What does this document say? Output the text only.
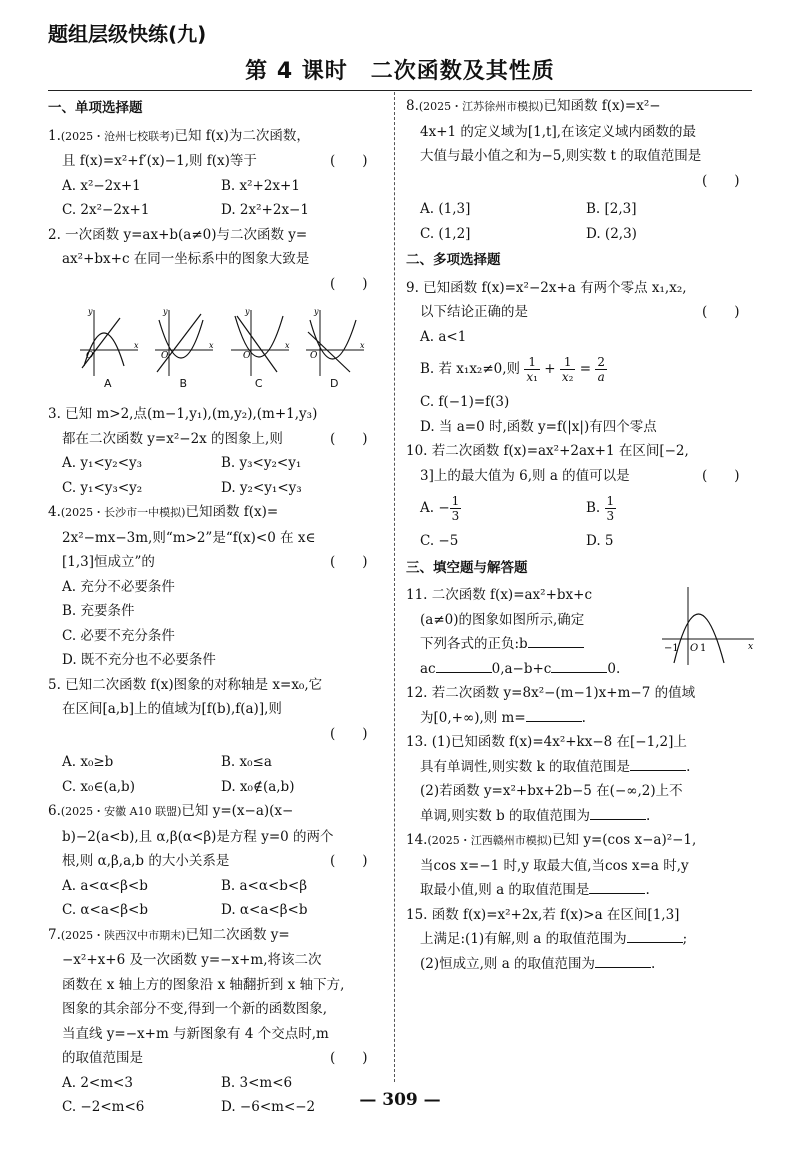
题组层级快练(九)
第 4 课时　二次函数及其性质
一、单项选择题

1.(2025・沧州七校联考)已知 f(x)为二次函数，

且 f(x)=x²+f′(x)−1,则 f(x)等于	(　　)

A. x²−2x+1	B. x²+2x+1
C. 2x²−2x+1	D. 2x²+2x−1

2. 一次函数 y=ax+b(a≠0)与二次函数 y=

ax²+bx+c 在同一坐标系中的图象大致是

(　　)

O
x
y
A
O
x
y
B
O
x
y
C
O
x
y
D

3. 已知 m>2,点(m−1,y₁),(m,y₂),(m+1,y₃)

都在二次函数 y=x²−2x 的图象上,则	(　　)

A. y₁<y₂<y₃	B. y₃<y₂<y₁
C. y₁<y₃<y₂	D. y₂<y₁<y₃

4.(2025・长沙市一中模拟)已知函数 f(x)=

2x²−mx−3m,则“m>2”是“f(x)<0 在 x∈

[1,3]恒成立”的	(　　)

A. 充分不必要条件
B. 充要条件
C. 必要不充分条件
D. 既不充分也不必要条件

5. 已知二次函数 f(x)图象的对称轴是 x=x₀,它

在区间[a,b]上的值域为[f(b),f(a)],则

(　　)

A. x₀≥b	B. x₀≤a
C. x₀∈(a,b)	D. x₀∉(a,b)

6.(2025・安徽 A10 联盟)已知 y=(x−a)(x−

b)−2(a<b),且 α,β(α<β)是方程 y=0 的两个

根,则 α,β,a,b 的大小关系是	(　　)

A. a<α<β<b	B. a<α<b<β
C. α<a<β<b	D. α<a<β<b

7.(2025・陕西汉中市期末)已知二次函数 y=

−x²+x+6 及一次函数 y=−x+m,将该二次

函数在 x 轴上方的图象沿 x 轴翻折到 x 轴下方,

图象的其余部分不变,得到一个新的函数图象,

当直线 y=−x+m 与新图象有 4 个交点时,m

的取值范围是	(　　)

A. 2<m<3	B. 3<m<6
C. −2<m<6	D. −6<m<−2

8.(2025・江苏徐州市模拟)已知函数 f(x)=x²−

4x+1 的定义域为[1,t],在该定义域内函数的最

大值与最小值之和为−5,则实数 t 的取值范围是

(　　)

A. (1,3]	B. [2,3]
C. (1,2]	D. (2,3)
二、多项选择题

9. 已知函数 f(x)=x²−2x+a 有两个零点 x₁,x₂,

以下结论正确的是	(　　)

A. a<1
B. 若 x₁x₂≠0,则 $\frac{1}{\text{x₁}} + \frac{1}{\text{x₂}} = \frac{2}{a}$
C. f(−1)=f(3)
D. 当 a=0 时,函数 y=f(|x|)有四个零点

10. 若二次函数 f(x)=ax²+2ax+1 在区间[−2,

3]上的最大值为 6,则 a 的值可以是	(　　)

A. − $\frac{1}{3}$	B. $\frac{1}{3}$
C. −5	D. 5
三、填空题与解答题

11. 二次函数 f(x)=ax²+bx+c

(a≠0)的图象如图所示,确定

下列各式的正负:b

ac	0,a−b+c	0.

−1 O 1	x

12. 若二次函数 y=8x²−(m−1)x+m−7 的值域

为[0,+∞),则 m=	.

13. (1)已知函数 f(x)=4x²+kx−8 在[−1,2]上

具有单调性,则实数 k 的取值范围是	.

(2)若函数 y=x²+bx+2b−5 在(−∞,2)上不

单调,则实数 b 的取值范围为	.

14.(2025・江西赣州市模拟)已知 y=(cos x−a)²−1,

当cos x=−1 时,y 取最大值,当cos x=a 时,y

取最小值,则 a 的取值范围是	.

15. 函数 f(x)=x²+2x,若 f(x)>a 在区间[1,3]

上满足:(1)有解,则 a 的取值范围为	;

(2)恒成立,则 a 的取值范围为	.

— 309 —
